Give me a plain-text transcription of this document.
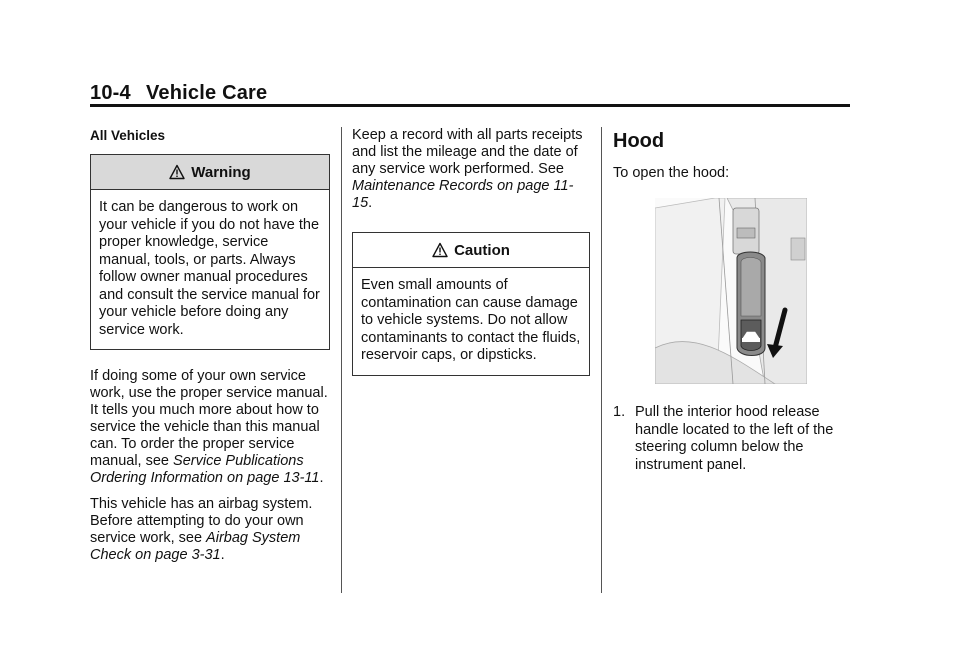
10-4 Vehicle Care

All Vehicles

Warning
It can be dangerous to work on your vehicle if you do not have the proper knowledge, service manual, tools, or parts. Always follow owner manual procedures and consult the service manual for your vehicle before doing any service work.

If doing some of your own service work, use the proper service manual. It tells you much more about how to service the vehicle than this manual can. To order the proper service manual, see Service Publications Ordering Information on page 13-11.

This vehicle has an airbag system. Before attempting to do your own service work, see Airbag System Check on page 3-31.

Keep a record with all parts receipts and list the mileage and the date of any service work performed. See Maintenance Records on page 11-15.

Caution
Even small amounts of contamination can cause damage to vehicle systems. Do not allow contaminants to contact the fluids, reservoir caps, or dipsticks.

Hood

To open the hood:

1. Pull the interior hood release handle located to the left of the steering column below the instrument panel.
